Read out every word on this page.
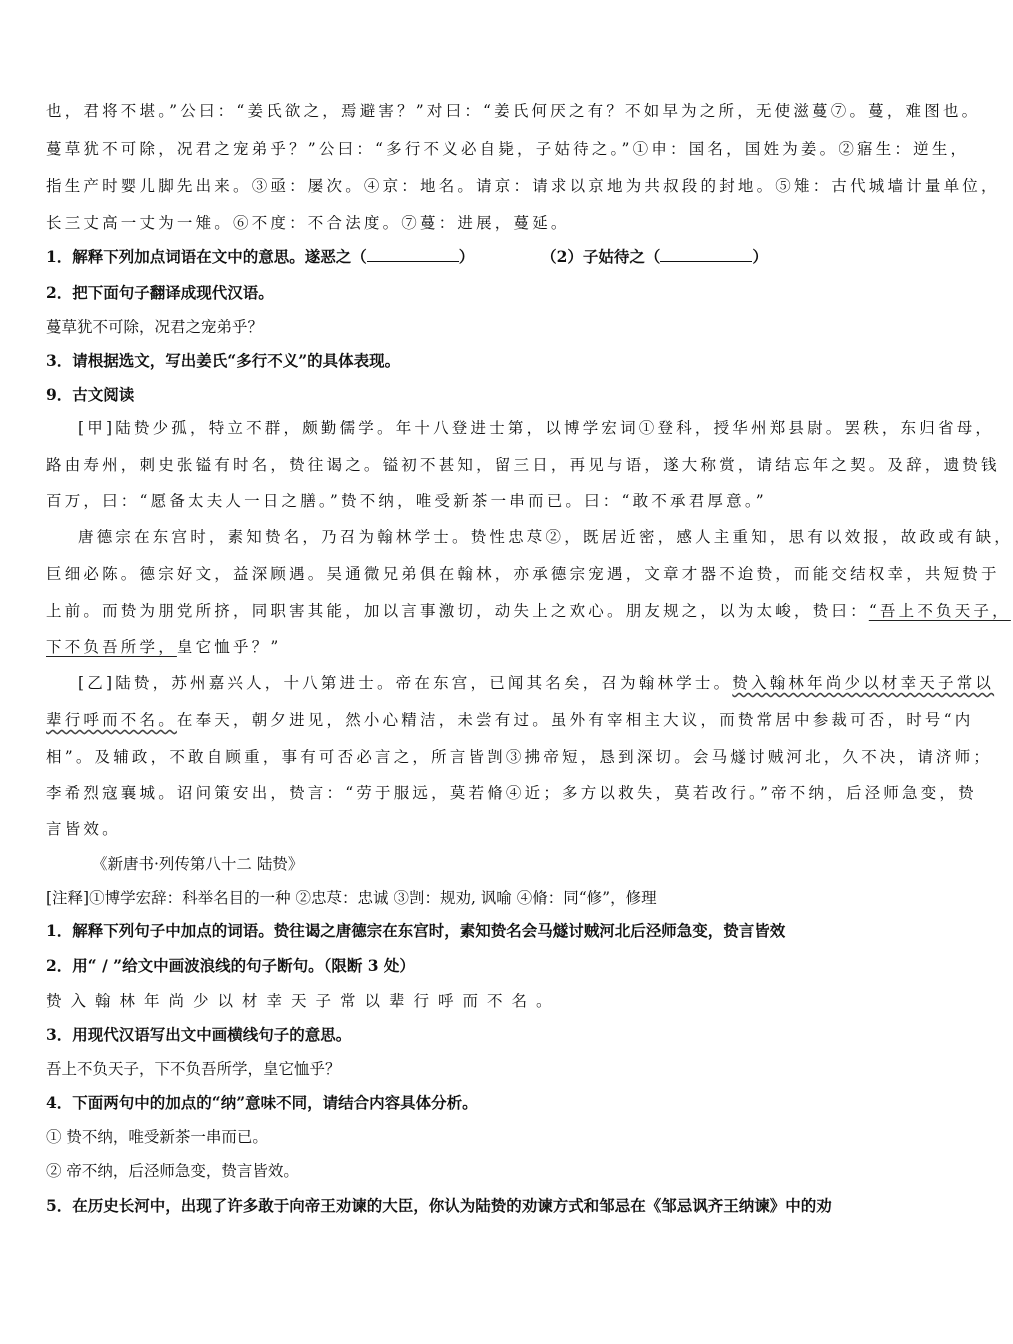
也，君将不堪。”公曰：“姜氏欲之，焉避害？”对曰：“姜氏何厌之有？不如早为之所，无使滋蔓⑦。蔓，难图也。
蔓草犹不可除，况君之宠弟乎？”公曰：“多行不义必自毙，子姑待之。”①申：国名，国姓为姜。②寤生：逆生，
指生产时婴儿脚先出来。③亟：屡次。④京：地名。请京：请求以京地为共叔段的封地。⑤雉：古代城墙计量单位，
长三丈高一丈为一雉。⑥不度：不合法度。⑦蔓：进展，蔓延。
1．解释下列加点词语在文中的意思。遂恶之（	）	（2）子姑待之（	）
2．把下面句子翻译成现代汉语。
蔓草犹不可除，况君之宠弟乎？
3．请根据选文，写出姜氏“多行不义”的具体表现。
9．古文阅读
[甲]陆贽少孤，特立不群，颇勤儒学。年十八登进士第，以博学宏词①登科，授华州郑县尉。罢秩，东归省母，
路由寿州，刺史张镒有时名，贽往谒之。镒初不甚知，留三日，再见与语，遂大称赏，请结忘年之契。及辞，遗贽钱
百万，曰：“愿备太夫人一日之膳。”贽不纳，唯受新茶一串而已。曰：“敢不承君厚意。”
唐德宗在东宫时，素知贽名，乃召为翰林学士。贽性忠荩②，既居近密，感人主重知，思有以效报，故政或有缺，
巨细必陈。德宗好文，益深顾遇。吴通微兄弟俱在翰林，亦承德宗宠遇，文章才器不迨贽，而能交结权幸，共短贽于
上前。而贽为朋党所挤，同职害其能，加以言事激切，动失上之欢心。朋友规之，以为太峻，贽曰：“吾上不负天子，
下不负吾所学，皇它恤乎？”
[乙]陆贽，苏州嘉兴人，十八第进士。帝在东宫，已闻其名矣，召为翰林学士。贽入翰林年尚少以材幸天子常以
辈行呼而不名。在奉天，朝夕进见，然小心精洁，未尝有过。虽外有宰相主大议，而贽常居中参裁可否，时号“内
相”。及辅政，不敢自顾重，事有可否必言之，所言皆剀③拂帝短，恳到深切。会马燧讨贼河北，久不决，请济师；
李希烈寇襄城。诏问策安出，贽言：“劳于服远，莫若脩④近；多方以救失，莫若改行。”帝不纳，后泾师急变，贽
言皆效。
《新唐书·列传第八十二 陆贽》
[注释]①博学宏辞：科举名目的一种 ②忠荩：忠诚 ③剀：规劝, 讽喻 ④脩：同“修”，修理
1．解释下列句子中加点的词语。贽往谒之唐德宗在东宫时，素知贽名会马燧讨贼河北后泾师急变，贽言皆效
2．用“ / ”给文中画波浪线的句子断句。（限断 3 处）
贽入翰林年尚少以材幸天子常以辈行呼而不名。
3．用现代汉语写出文中画横线句子的意思。
吾上不负天子，下不负吾所学，皇它恤乎？
4．下面两句中的加点的“纳”意味不同，请结合内容具体分析。
① 贽不纳，唯受新茶一串而已。
② 帝不纳，后泾师急变，贽言皆效。
5．在历史长河中，出现了许多敢于向帝王劝谏的大臣，你认为陆贽的劝谏方式和邹忌在《邹忌讽齐王纳谏》中的劝
